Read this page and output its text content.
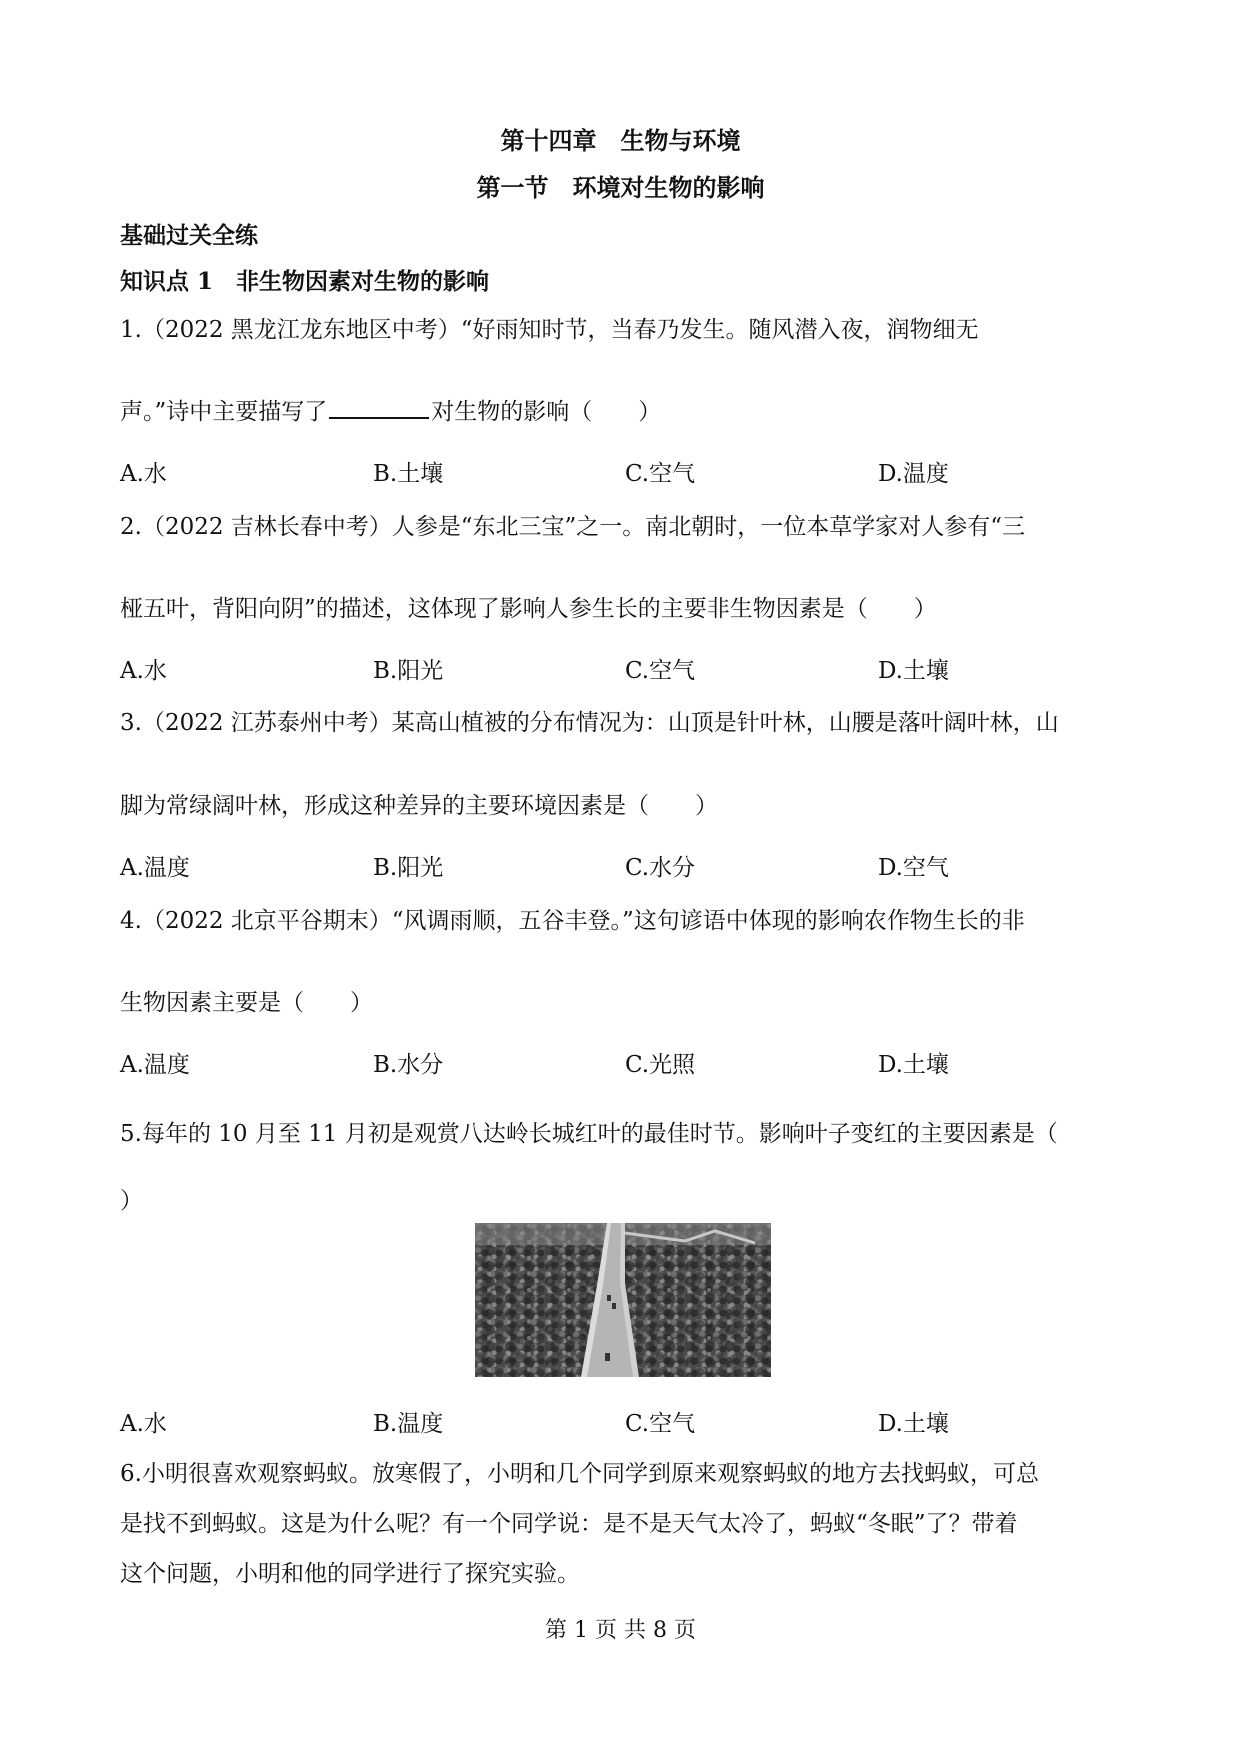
第十四章　生物与环境
第一节　环境对生物的影响
基础过关全练
知识点 1　非生物因素对生物的影响
1.（2022 黑龙江龙东地区中考）“好雨知时节，当春乃发生。随风潜入夜，润物细无
声。”诗中主要描写了	对生物的影响（　　）
A.水	B.土壤	C.空气	D.温度
2.（2022 吉林长春中考）人参是“东北三宝”之一。南北朝时，一位本草学家对人参有“三
桠五叶，背阳向阴”的描述，这体现了影响人参生长的主要非生物因素是（　　）
A.水	B.阳光	C.空气	D.土壤
3.（2022 江苏泰州中考）某高山植被的分布情况为：山顶是针叶林，山腰是落叶阔叶林，山
脚为常绿阔叶林，形成这种差异的主要环境因素是（　　）
A.温度	B.阳光	C.水分	D.空气
4.（2022 北京平谷期末）“风调雨顺，五谷丰登。”这句谚语中体现的影响农作物生长的非
生物因素主要是（　　）
A.温度	B.水分	C.光照	D.土壤
5.每年的 10 月至 11 月初是观赏八达岭长城红叶的最佳时节。影响叶子变红的主要因素是（
）
A.水	B.温度	C.空气	D.土壤
6.小明很喜欢观察蚂蚁。放寒假了，小明和几个同学到原来观察蚂蚁的地方去找蚂蚁，可总
是找不到蚂蚁。这是为什么呢？有一个同学说：是不是天气太冷了，蚂蚁“冬眠”了？带着
这个问题，小明和他的同学进行了探究实验。
第 1 页 共 8 页
